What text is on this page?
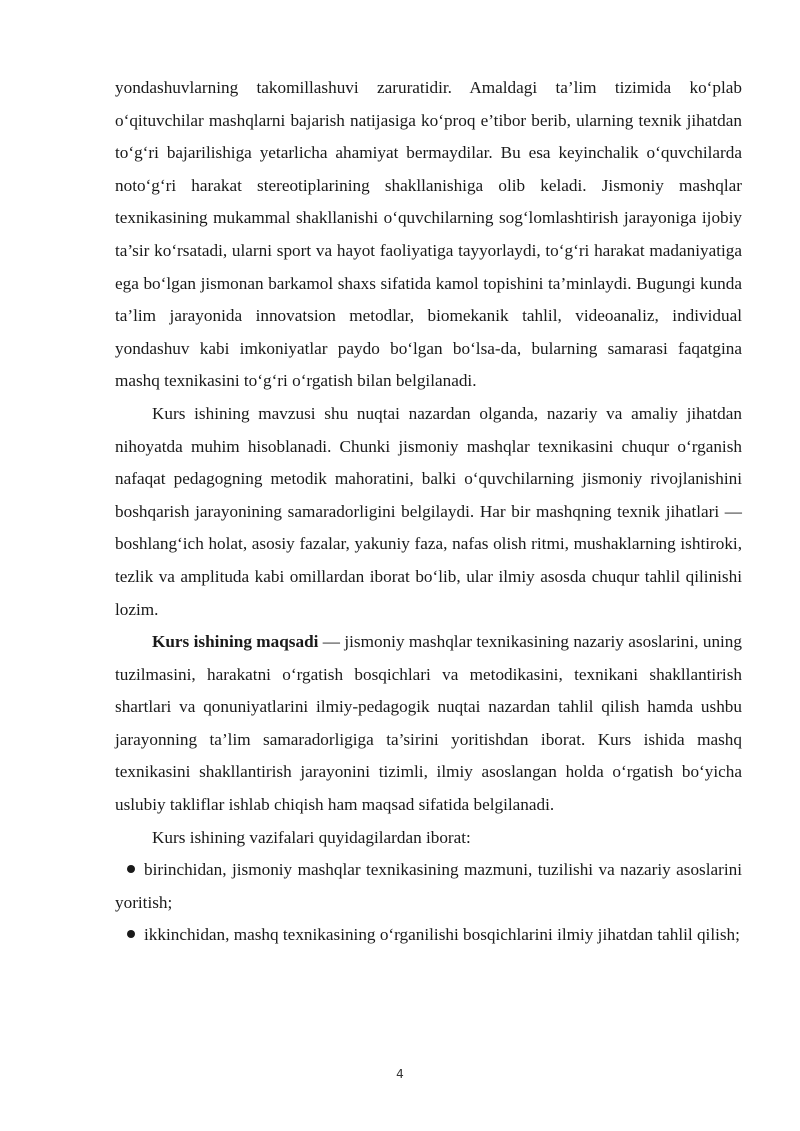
yondashuvlarning takomillashuvi zaruratidir. Amaldagi ta’lim tizimida ko‘plab o‘qituvchilar mashqlarni bajarish natijasiga ko‘proq e’tibor berib, ularning texnik jihatdan to‘g‘ri bajarilishiga yetarlicha ahamiyat bermaydilar. Bu esa keyinchalik o‘quvchilarda noto‘g‘ri harakat stereotiplarining shakllanishiga olib keladi. Jismoniy mashqlar texnikasining mukammal shakllanishi o‘quvchilarning sog‘lomlashtirish jarayoniga ijobiy ta’sir ko‘rsatadi, ularni sport va hayot faoliyatiga tayyorlaydi, to‘g‘ri harakat madaniyatiga ega bo‘lgan jismonan barkamol shaxs sifatida kamol topishini ta’minlaydi. Bugungi kunda ta’lim jarayonida innovatsion metodlar, biomekanik tahlil, videoanaliz, individual yondashuv kabi imkoniyatlar paydo bo‘lgan bo‘lsa-da, bularning samarasi faqatgina mashq texnikasini to‘g‘ri o‘rgatish bilan belgilanadi.

Kurs ishining mavzusi shu nuqtai nazardan olganda, nazariy va amaliy jihatdan nihoyatda muhim hisoblanadi. Chunki jismoniy mashqlar texnikasini chuqur o‘rganish nafaqat pedagogning metodik mahoratini, balki o‘quvchilarning jismoniy rivojlanishini boshqarish jarayonining samaradorligini belgilaydi. Har bir mashqning texnik jihatlari — boshlang‘ich holat, asosiy fazalar, yakuniy faza, nafas olish ritmi, mushaklarning ishtiroki, tezlik va amplituda kabi omillardan iborat bo‘lib, ular ilmiy asosda chuqur tahlil qilinishi lozim.

Kurs ishining maqsadi — jismoniy mashqlar texnikasining nazariy asoslarini, uning tuzilmasini, harakatni o‘rgatish bosqichlari va metodikasini, texnikani shakllantirish shartlari va qonuniyatlarini ilmiy-pedagogik nuqtai nazardan tahlil qilish hamda ushbu jarayonning ta’lim samaradorligiga ta’sirini yoritishdan iborat. Kurs ishida mashq texnikasini shakllantirish jarayonini tizimli, ilmiy asoslangan holda o‘rgatish bo‘yicha uslubiy takliflar ishlab chiqish ham maqsad sifatida belgilanadi.

Kurs ishining vazifalari quyidagilardan iborat:

birinchidan, jismoniy mashqlar texnikasining mazmuni, tuzilishi va nazariy asoslarini yoritish;

ikkinchidan, mashq texnikasining o‘rganilishi bosqichlarini ilmiy jihatdan tahlil qilish;

4
